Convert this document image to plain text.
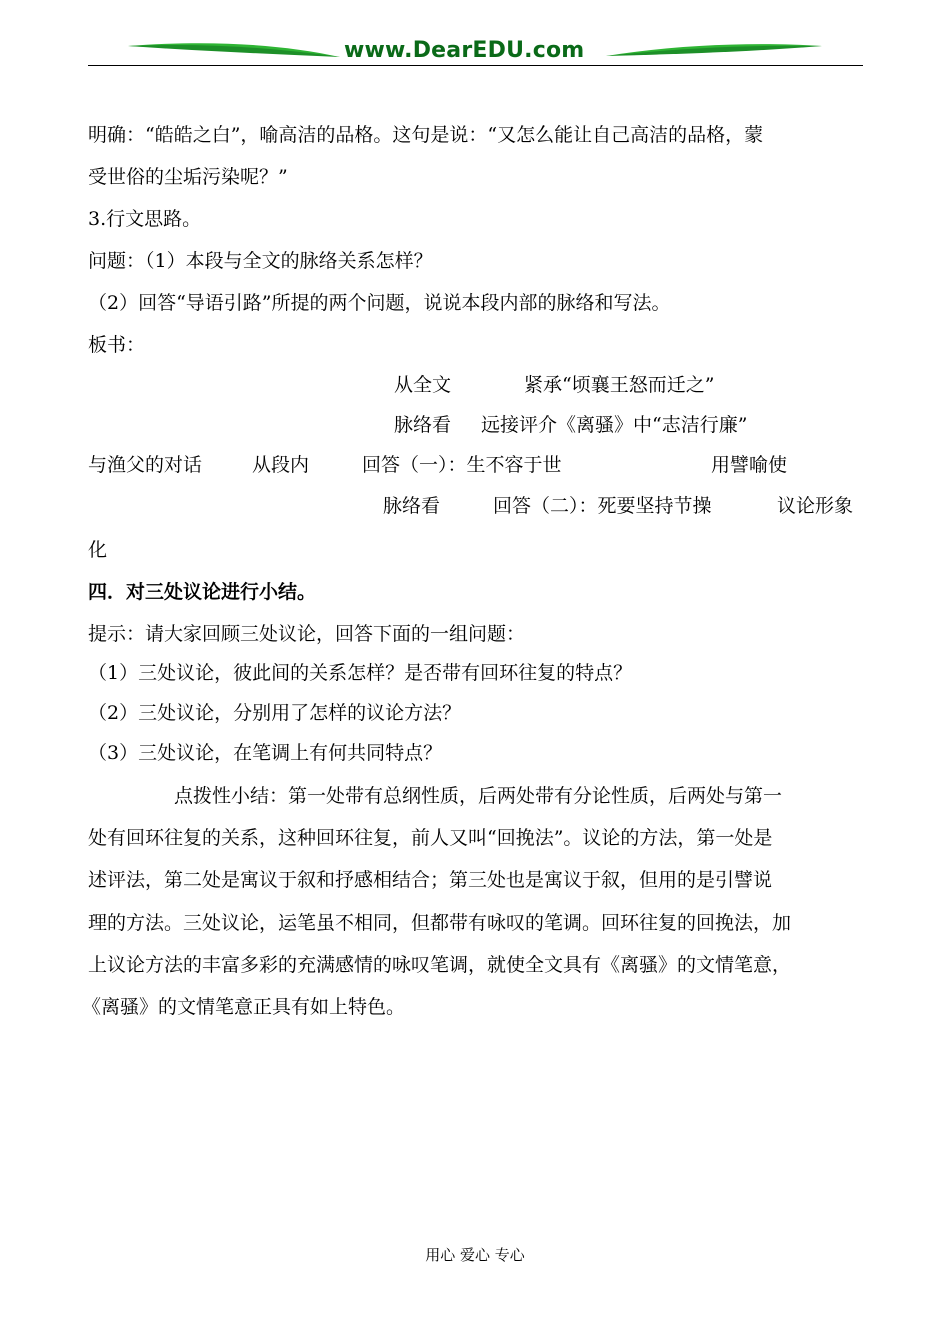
www.DearEDU.com
明确：“皓皓之白”，喻高洁的品格。这句是说：“又怎么能让自己高洁的品格，蒙
受世俗的尘垢污染呢？”
3.行文思路。
问题：（1）本段与全文的脉络关系怎样？
（2）回答“导语引路”所提的两个问题，说说本段内部的脉络和写法。
板书：
从全文	紧承“顷襄王怒而迁之”
脉络看 远接评介《离骚》中“志洁行廉”
与渔父的对话	从段内	回答（一）：生不容于世	用譬喻使
脉络看	回答（二）：死要坚持节操	议论形象
化
四．对三处议论进行小结。
提示：请大家回顾三处议论，回答下面的一组问题：
（1）三处议论，彼此间的关系怎样？是否带有回环往复的特点？
（2）三处议论，分别用了怎样的议论方法？
（3）三处议论，在笔调上有何共同特点？
点拨性小结：第一处带有总纲性质，后两处带有分论性质，后两处与第一
处有回环往复的关系，这种回环往复，前人又叫“回挽法”。议论的方法，第一处是
述评法，第二处是寓议于叙和抒感相结合；第三处也是寓议于叙，但用的是引譬说
理的方法。三处议论，运笔虽不相同，但都带有咏叹的笔调。回环往复的回挽法，加
上议论方法的丰富多彩的充满感情的咏叹笔调，就使全文具有《离骚》的文情笔意，
《离骚》的文情笔意正具有如上特色。
用心 爱心 专心
